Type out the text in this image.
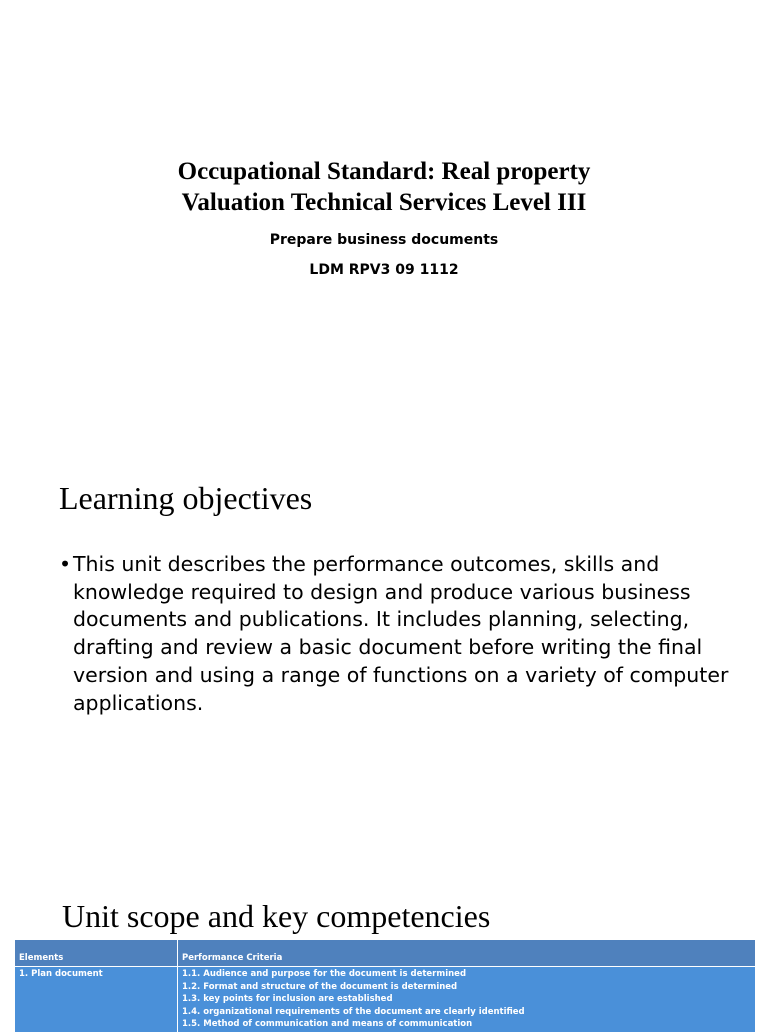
Occupational Standard: Real property
Valuation Technical Services Level III
Prepare business documents
LDM RPV3 09 1112
Learning objectives
• This unit describes the performance outcomes, skills and knowledge required to design and produce various business documents and publications. It includes planning, selecting, drafting and review a basic document before writing the final version and using a range of functions on a variety of computer applications.
Unit scope and key competencies
Elements	Performance Criteria
1. Plan document	1.1. Audience and purpose for the document is determined
1.2. Format and structure of the document is determined
1.3. key points for inclusion are established
1.4. organizational requirements of the document are clearly identified
1.5. Method of communication and means of communication
